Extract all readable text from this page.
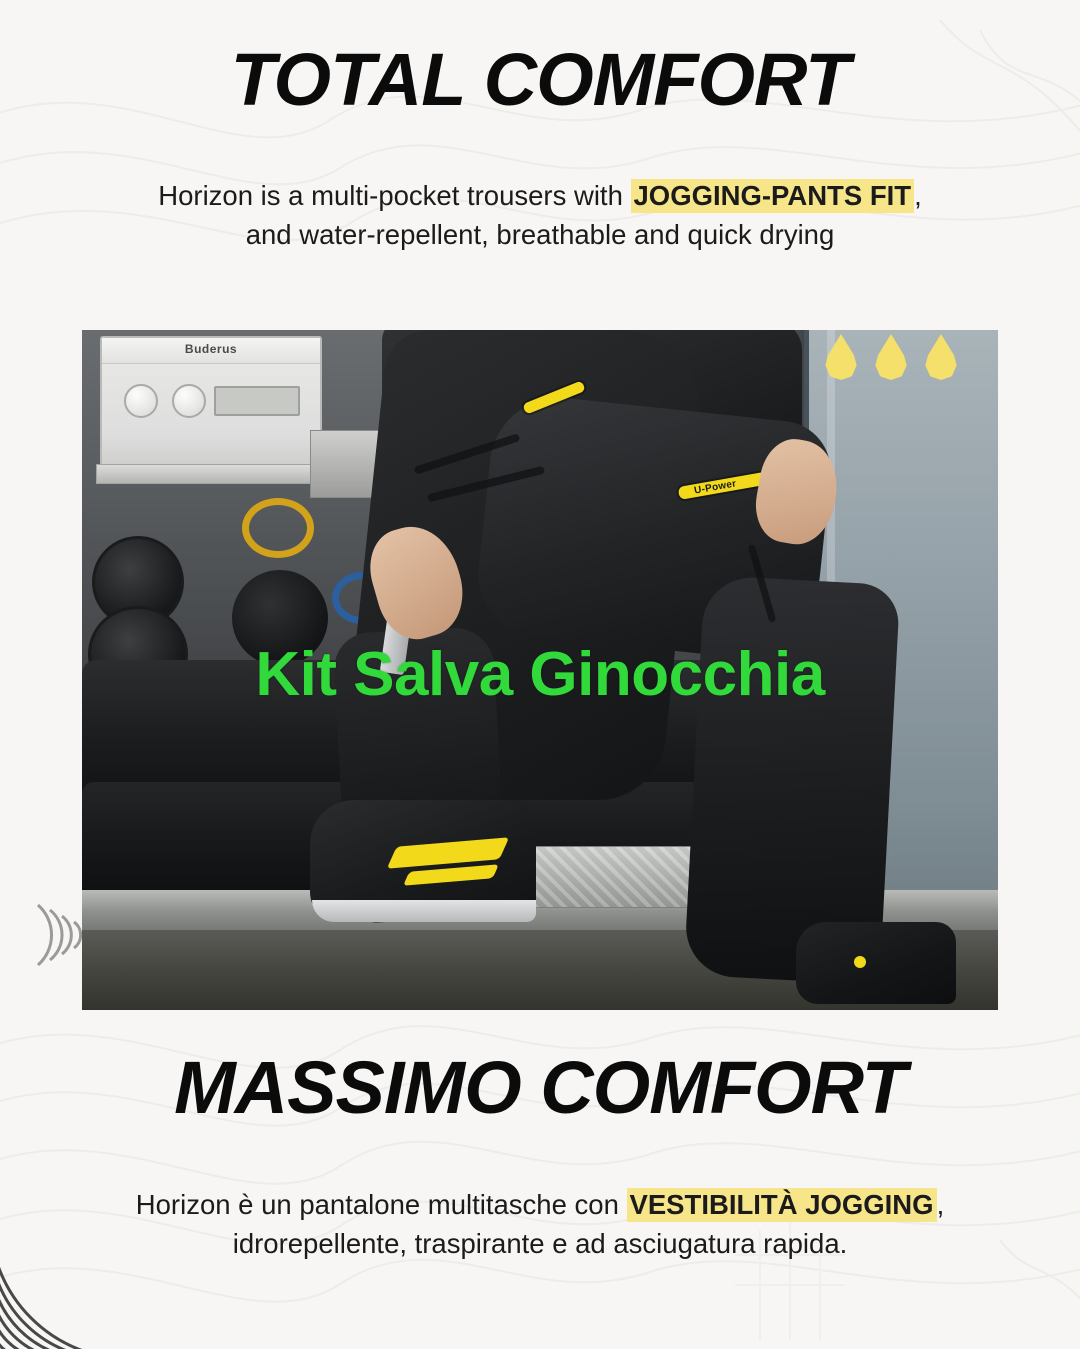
TOTAL COMFORT

Horizon is a multi-pocket trousers with JOGGING-PANTS FIT ,
and water-repellent, breathable and quick drying

Buderus
U-Power
Kit Salva Ginocchia
MASSIMO COMFORT

Horizon è un pantalone multitasche con VESTIBILITÀ JOGGING ,
idrorepellente, traspirante e ad asciugatura rapida.
